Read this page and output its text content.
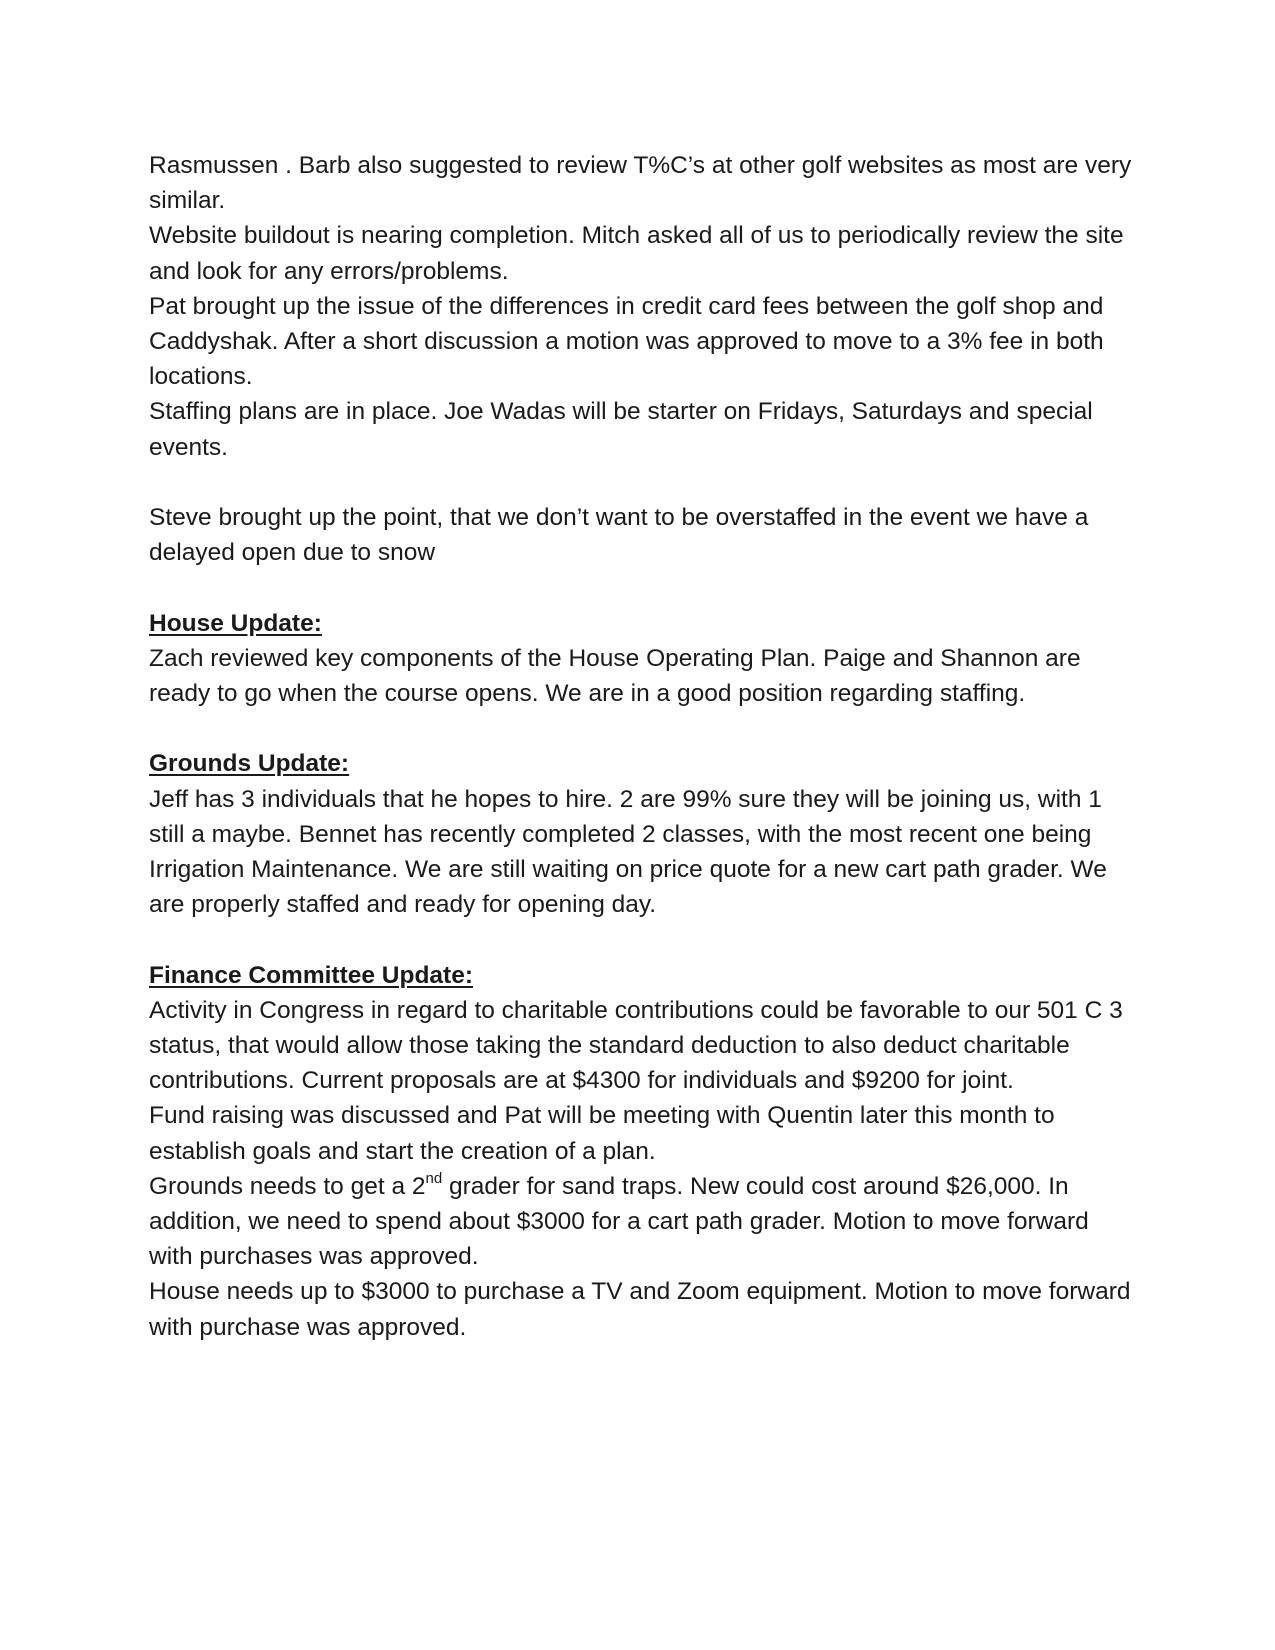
Rasmussen . Barb also suggested to review T%C’s at other golf websites as most are very similar.

Website buildout is nearing completion. Mitch asked all of us to periodically review the site and look for any errors/problems.

Pat brought up the issue of the differences in credit card fees between the golf shop and Caddyshak. After a short discussion a motion was approved to move to a 3% fee in both locations.

Staffing plans are in place. Joe Wadas will be starter on Fridays, Saturdays and special events.

Steve brought up the point, that we don’t want to be overstaffed in the event we have a delayed open due to snow

House Update:

Zach reviewed key components of the House Operating Plan. Paige and Shannon are ready to go when the course opens. We are in a good position regarding staffing.

Grounds Update:

Jeff has 3 individuals that he hopes to hire. 2 are 99% sure they will be joining us, with 1 still a maybe. Bennet has recently completed 2 classes, with the most recent one being Irrigation Maintenance. We are still waiting on price quote for a new cart path grader. We are properly staffed and ready for opening day.

Finance Committee Update:

Activity in Congress in regard to charitable contributions could be favorable to our 501 C 3 status, that would allow those taking the standard deduction to also deduct charitable contributions. Current proposals are at $4300 for individuals and $9200 for joint.

Fund raising was discussed and Pat will be meeting with Quentin later this month to establish goals and start the creation of a plan.

Grounds needs to get a 2nd grader for sand traps. New could cost around $26,000. In addition, we need to spend about $3000 for a cart path grader. Motion to move forward with purchases was approved.

House needs up to $3000 to purchase a TV and Zoom equipment. Motion to move forward with purchase was approved.
